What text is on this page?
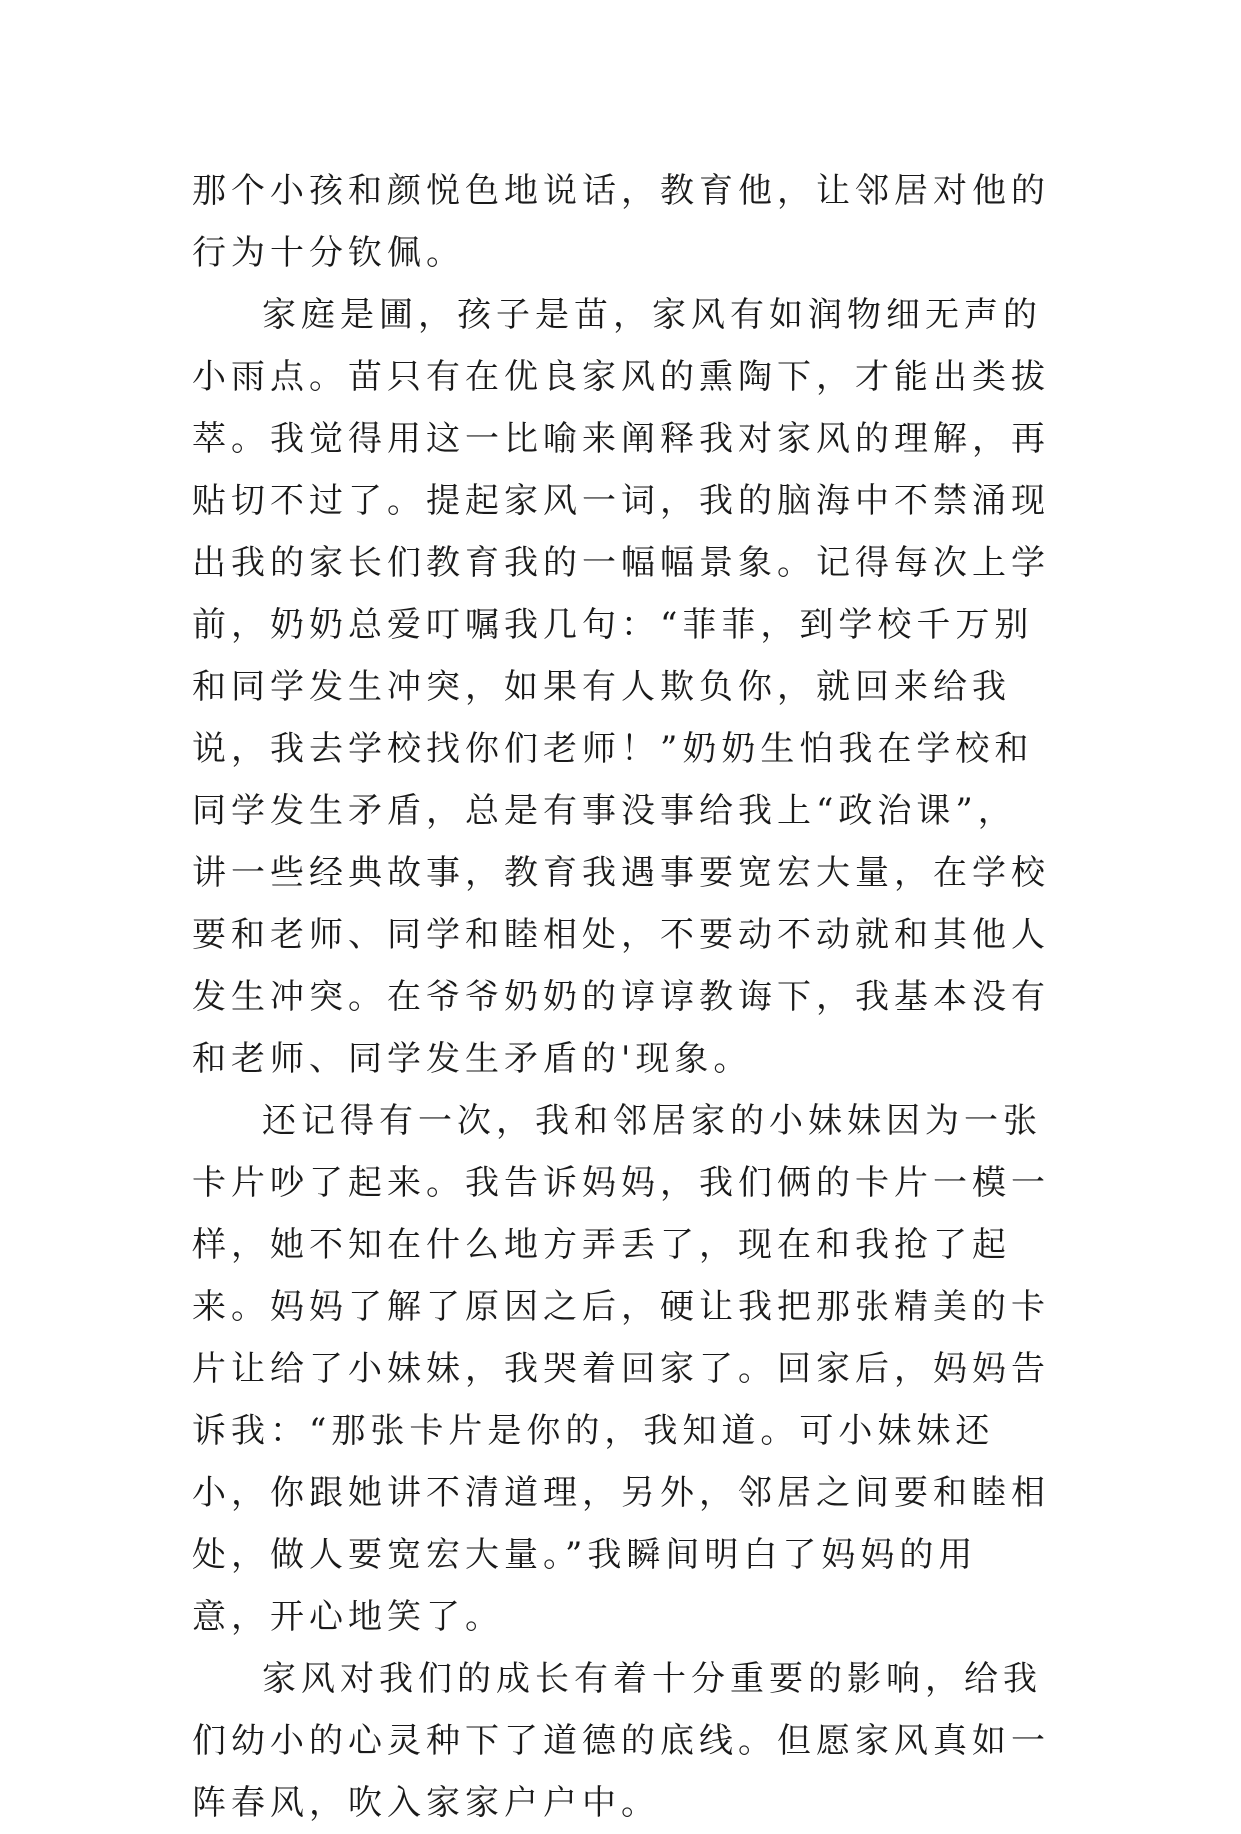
那个小孩和颜悦色地说话，教育他，让邻居对他的行为十分钦佩。

家庭是圃，孩子是苗，家风有如润物细无声的小雨点。苗只有在优良家风的熏陶下，才能出类拔萃。我觉得用这一比喻来阐释我对家风的理解，再贴切不过了。提起家风一词，我的脑海中不禁涌现出我的家长们教育我的一幅幅景象。记得每次上学前，奶奶总爱叮嘱我几句：“菲菲，到学校千万别和同学发生冲突，如果有人欺负你，就回来给我说，我去学校找你们老师！”奶奶生怕我在学校和同学发生矛盾，总是有事没事给我上“政治课”，讲一些经典故事，教育我遇事要宽宏大量，在学校要和老师、同学和睦相处，不要动不动就和其他人发生冲突。在爷爷奶奶的谆谆教诲下，我基本没有和老师、同学发生矛盾的'现象。

还记得有一次，我和邻居家的小妹妹因为一张卡片吵了起来。我告诉妈妈，我们俩的卡片一模一样，她不知在什么地方弄丢了，现在和我抢了起来。妈妈了解了原因之后，硬让我把那张精美的卡片让给了小妹妹，我哭着回家了。回家后，妈妈告诉我：“那张卡片是你的，我知道。可小妹妹还小，你跟她讲不清道理，另外，邻居之间要和睦相处，做人要宽宏大量。”我瞬间明白了妈妈的用意，开心地笑了。

家风对我们的成长有着十分重要的影响，给我们幼小的心灵种下了道德的底线。但愿家风真如一阵春风，吹入家家户户中。
